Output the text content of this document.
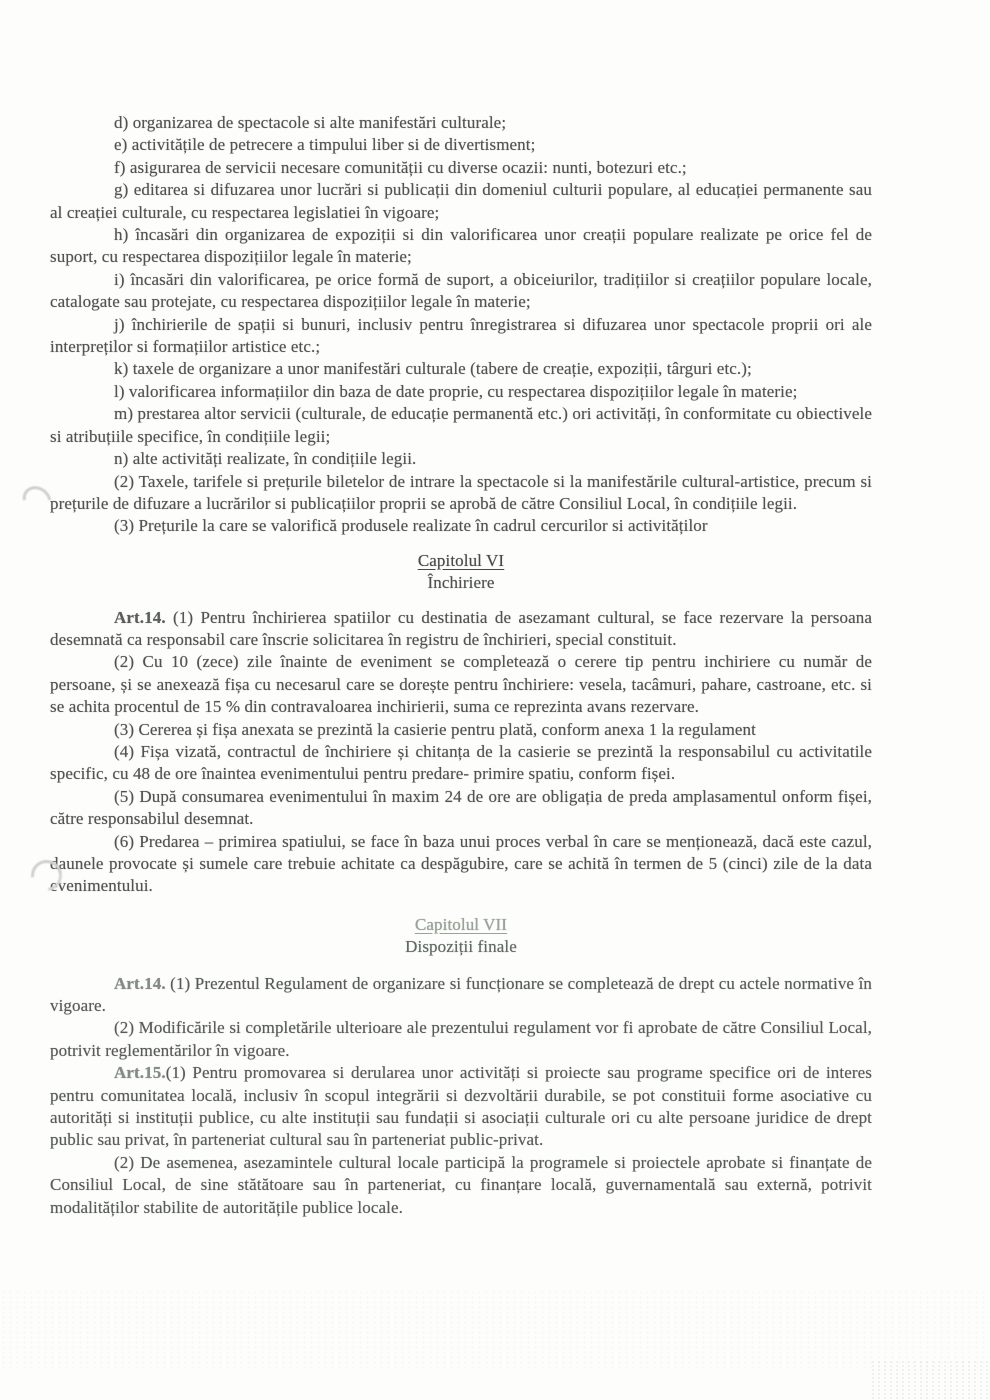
d) organizarea de spectacole si alte manifestări culturale;

e) activitățile de petrecere a timpului liber si de divertisment;

f) asigurarea de servicii necesare comunității cu diverse ocazii: nunti, botezuri etc.;

g) editarea si difuzarea unor lucrări si publicații din domeniul culturii populare, al educației permanente sau al creației culturale, cu respectarea legislatiei în vigoare;

h) încasări din organizarea de expoziții si din valorificarea unor creații populare realizate pe orice fel de suport, cu respectarea dispozițiilor legale în materie;

i) încasări din valorificarea, pe orice formă de suport, a obiceiurilor, tradițiilor si creațiilor populare locale, catalogate sau protejate, cu respectarea dispozițiilor legale în materie;

j) închirierile de spații si bunuri, inclusiv pentru înregistrarea si difuzarea unor spectacole proprii ori ale interpreților si formațiilor artistice etc.;

k) taxele de organizare a unor manifestări culturale (tabere de creație, expoziții, târguri etc.);

l) valorificarea informațiilor din baza de date proprie, cu respectarea dispozițiilor legale în materie;

m) prestarea altor servicii (culturale, de educație permanentă etc.) ori activități, în conformitate cu obiectivele si atribuțiile specifice, în condițiile legii;

n) alte activități realizate, în condițiile legii.

(2) Taxele, tarifele si prețurile biletelor de intrare la spectacole si la manifestările cultural-artistice, precum si prețurile de difuzare a lucrărilor si publicațiilor proprii se aprobă de către Consiliul Local, în condițiile legii.

(3) Prețurile la care se valorifică produsele realizate în cadrul cercurilor si activităților

Capitolul VI

Închiriere

Art.14. (1) Pentru închirierea spatiilor cu destinatia de asezamant cultural, se face rezervare la persoana desemnată ca responsabil care înscrie solicitarea în registru de închirieri, special constituit.

(2) Cu 10 (zece) zile înainte de eveniment se completează o cerere tip pentru inchiriere cu număr de persoane, și se anexează fișa cu necesarul care se dorește pentru închiriere: vesela, tacâmuri, pahare, castroane, etc. si se achita procentul de 15 % din contravaloarea inchirierii, suma ce reprezinta avans rezervare.

(3) Cererea și fișa anexata se prezintă la casierie pentru plată, conform anexa 1 la regulament

(4) Fișa vizată, contractul de închiriere și chitanța de la casierie se prezintă la responsabilul cu activitatile specific, cu 48 de ore înaintea evenimentului pentru predare- primire spatiu, conform fișei.

(5) După consumarea evenimentului în maxim 24 de ore are obligația de preda amplasamentul onform fișei, către responsabilul desemnat.

(6) Predarea – primirea spatiului, se face în baza unui proces verbal în care se menționează, dacă este cazul, daunele provocate și sumele care trebuie achitate ca despăgubire, care se achită în termen de 5 (cinci) zile de la data evenimentului.

Capitolul VII

Dispoziții finale

Art.14. (1) Prezentul Regulament de organizare si funcționare se completează de drept cu actele normative în vigoare.

(2) Modificările si completările ulterioare ale prezentului regulament vor fi aprobate de către Consiliul Local, potrivit reglementărilor în vigoare.

Art.15.(1) Pentru promovarea si derularea unor activități si proiecte sau programe specifice ori de interes pentru comunitatea locală, inclusiv în scopul integrării si dezvoltării durabile, se pot constituii forme asociative cu autorități si instituții publice, cu alte instituții sau fundații si asociații culturale ori cu alte persoane juridice de drept public sau privat, în parteneriat cultural sau în parteneriat public-privat.

(2) De asemenea, asezamintele cultural locale participă la programele si proiectele aprobate si finanțate de Consiliul Local, de sine stătătoare sau în parteneriat, cu finanțare locală, guvernamentală sau externă, potrivit modalităților stabilite de autoritățile publice locale.
